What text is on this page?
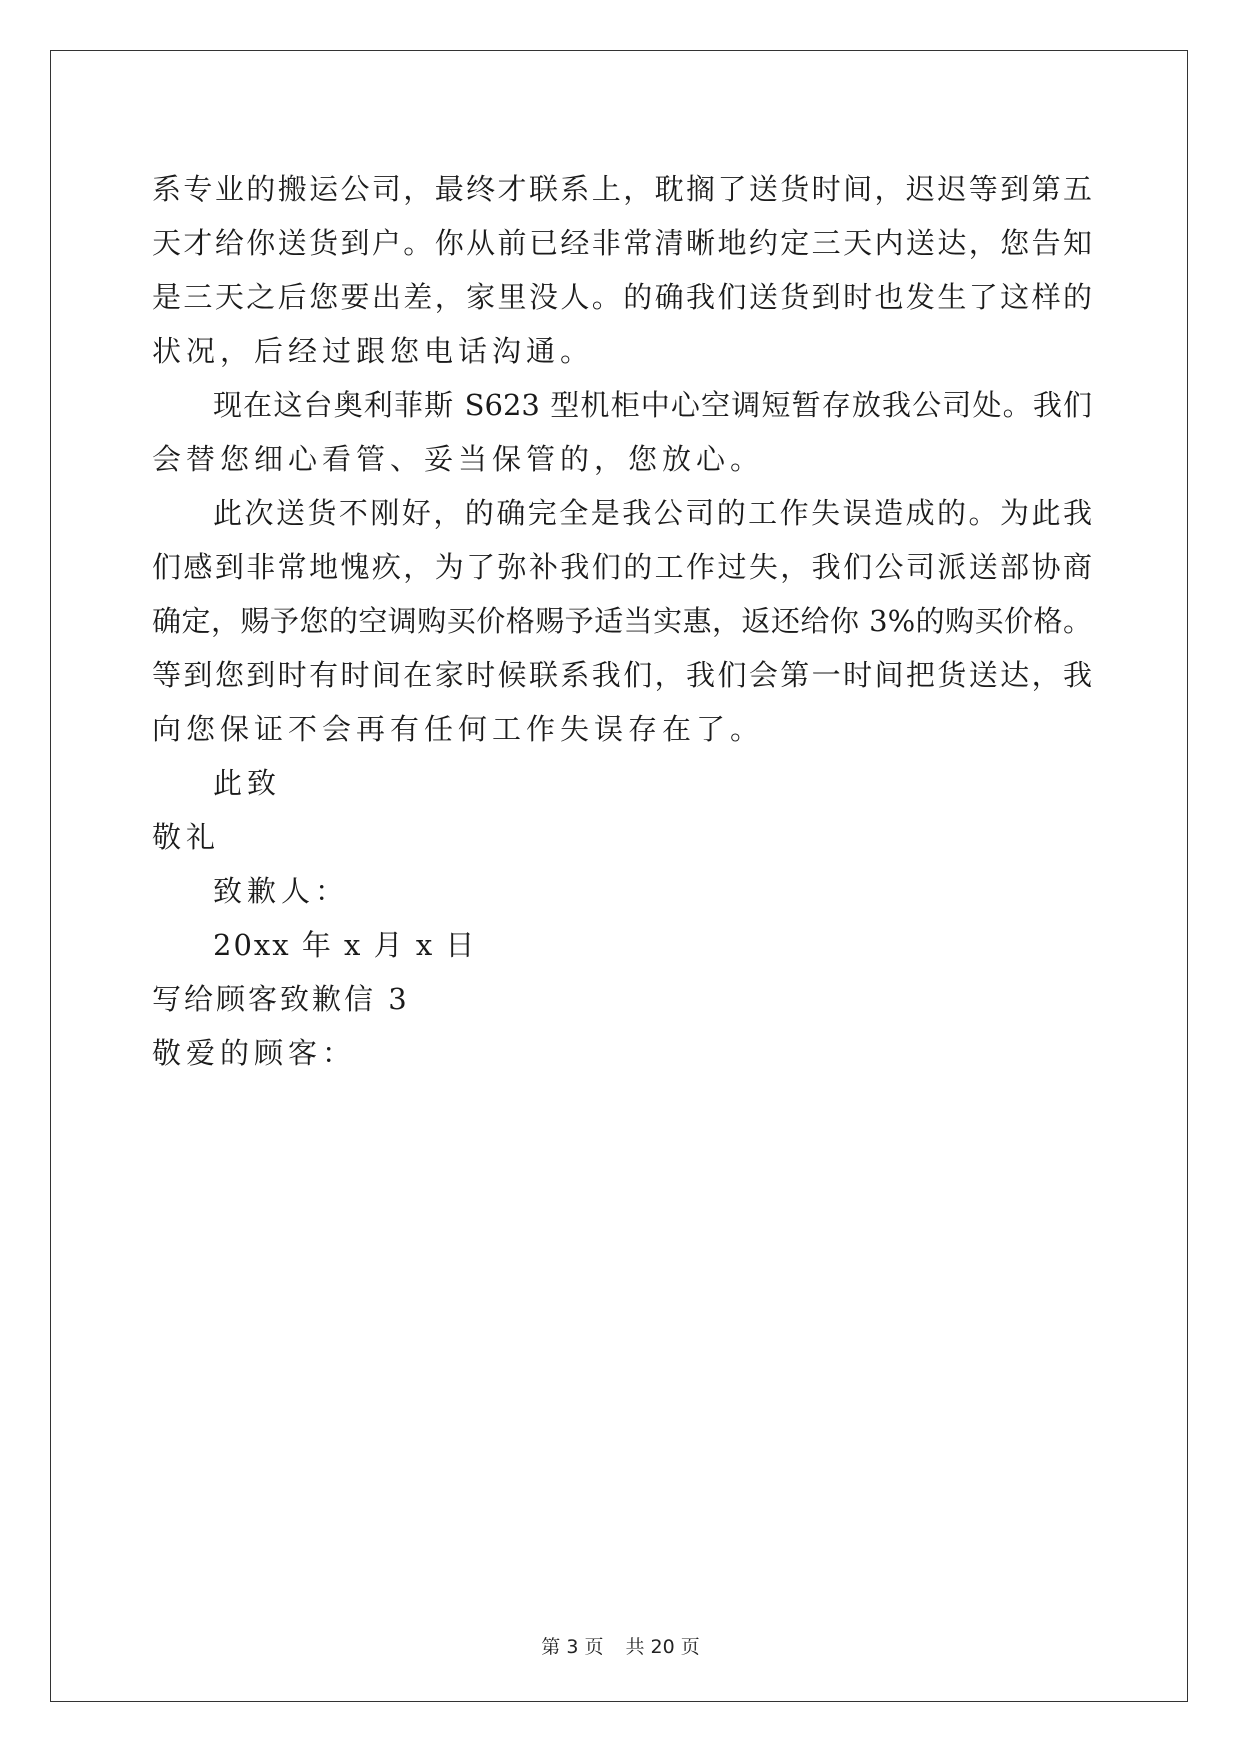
系专业的搬运公司，最终才联系上，耽搁了送货时间，迟迟等到第五
天才给你送货到户。你从前已经非常清晰地约定三天内送达，您告知
是三天之后您要出差，家里没人。的确我们送货到时也发生了这样的
状况，后经过跟您电话沟通。
现在这台奥利菲斯 S623 型机柜中心空调短暂存放我公司处。我们
会替您细心看管、妥当保管的，您放心。
此次送货不刚好，的确完全是我公司的工作失误造成的。为此我
们感到非常地愧疚，为了弥补我们的工作过失，我们公司派送部协商
确定，赐予您的空调购买价格赐予适当实惠，返还给你 3%的购买价格。
等到您到时有时间在家时候联系我们，我们会第一时间把货送达，我
向您保证不会再有任何工作失误存在了。
此致
敬礼
致歉人：
20xx 年 x 月 x 日
写给顾客致歉信 3
敬爱的顾客：
第 3 页 共 20 页
